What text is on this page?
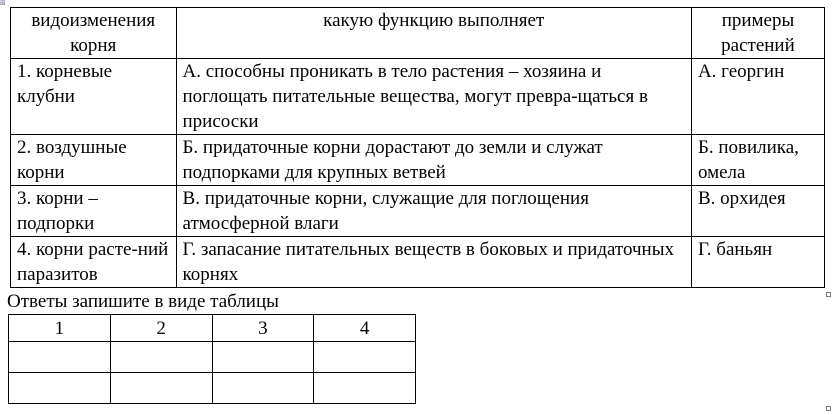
⊞
видоизменения корня	какую функцию выполняет	примеры растений
1. корневые клубни	А. способны проникать в тело растения – хозяина и поглощать питательные вещества, могут превра-щаться в присоски	А. георгин
2. воздушные корни	Б. придаточные корни дорастают до земли и служат подпорками для крупных ветвей	Б. повилика, омела
3. корни – подпорки	В. придаточные корни, служащие для поглощения атмосферной влаги	В. орхидея
4. корни расте-ний паразитов	Г. запасание питательных веществ в боковых и придаточных корнях	Г. баньян
Ответы запишите в виде таблицы
1	2	3	4
